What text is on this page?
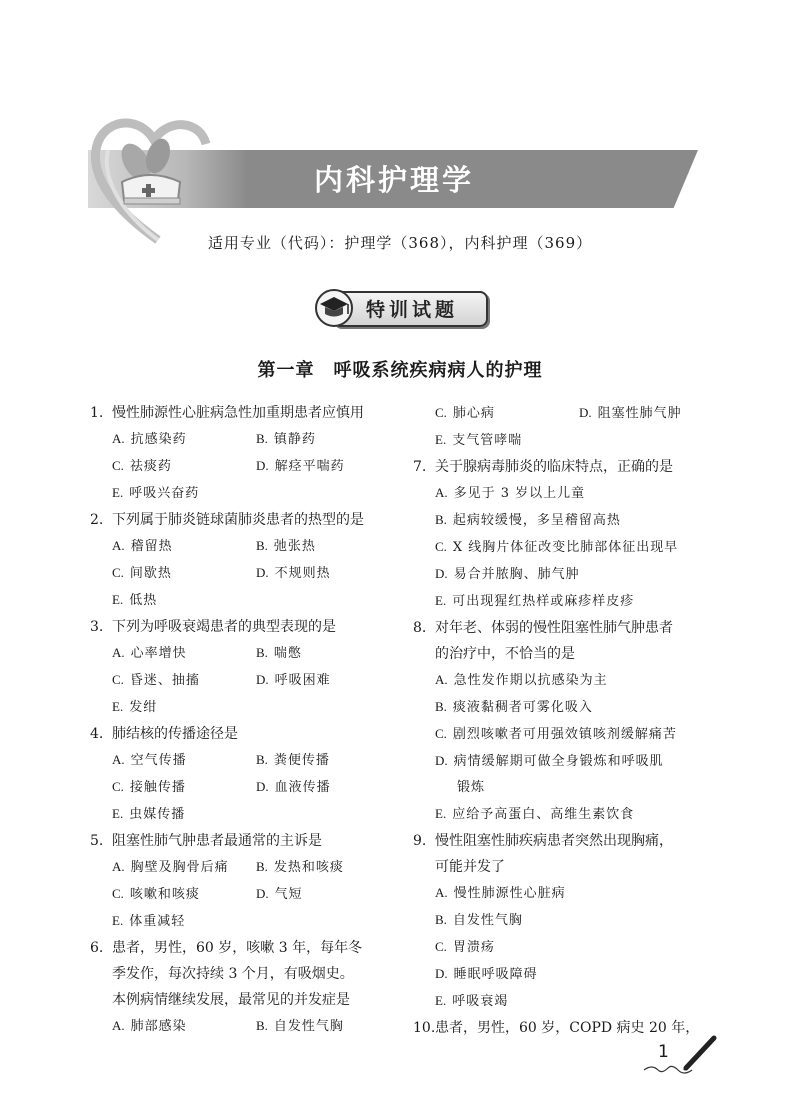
内科护理学
适用专业（代码）：护理学（368），内科护理（369）
特训试题
第一章　呼吸系统疾病病人的护理
1. 慢性肺源性心脏病急性加重期患者应慎用
A. 抗感染药	B. 镇静药
C. 祛痰药	D. 解痉平喘药
E. 呼吸兴奋药
2. 下列属于肺炎链球菌肺炎患者的热型的是
A. 稽留热	B. 弛张热
C. 间歇热	D. 不规则热
E. 低热
3. 下列为呼吸衰竭患者的典型表现的是
A. 心率增快	B. 喘憋
C. 昏迷、抽搐	D. 呼吸困难
E. 发绀
4. 肺结核的传播途径是
A. 空气传播	B. 粪便传播
C. 接触传播	D. 血液传播
E. 虫媒传播
5. 阻塞性肺气肿患者最通常的主诉是
A. 胸壁及胸骨后痛	B. 发热和咳痰
C. 咳嗽和咳痰	D. 气短
E. 体重减轻
6. 患者，男性，60 岁，咳嗽 3 年，每年冬
季发作，每次持续 3 个月，有吸烟史。
本例病情继续发展，最常见的并发症是
A. 肺部感染	B. 自发性气胸
C. 肺心病	D. 阻塞性肺气肿
E. 支气管哮喘
7. 关于腺病毒肺炎的临床特点，正确的是
A. 多见于 3 岁以上儿童
B. 起病较缓慢，多呈稽留高热
C. X 线胸片体征改变比肺部体征出现早
D. 易合并脓胸、肺气肿
E. 可出现猩红热样或麻疹样皮疹
8. 对年老、体弱的慢性阻塞性肺气肿患者
的治疗中，不恰当的是
A. 急性发作期以抗感染为主
B. 痰液黏稠者可雾化吸入
C. 剧烈咳嗽者可用强效镇咳剂缓解痛苦
D. 病情缓解期可做全身锻炼和呼吸肌
锻炼
E. 应给予高蛋白、高维生素饮食
9. 慢性阻塞性肺疾病患者突然出现胸痛，
可能并发了
A. 慢性肺源性心脏病
B. 自发性气胸
C. 胃溃疡
D. 睡眠呼吸障碍
E. 呼吸衰竭
10. 患者，男性，60 岁，COPD 病史 20 年，
1
